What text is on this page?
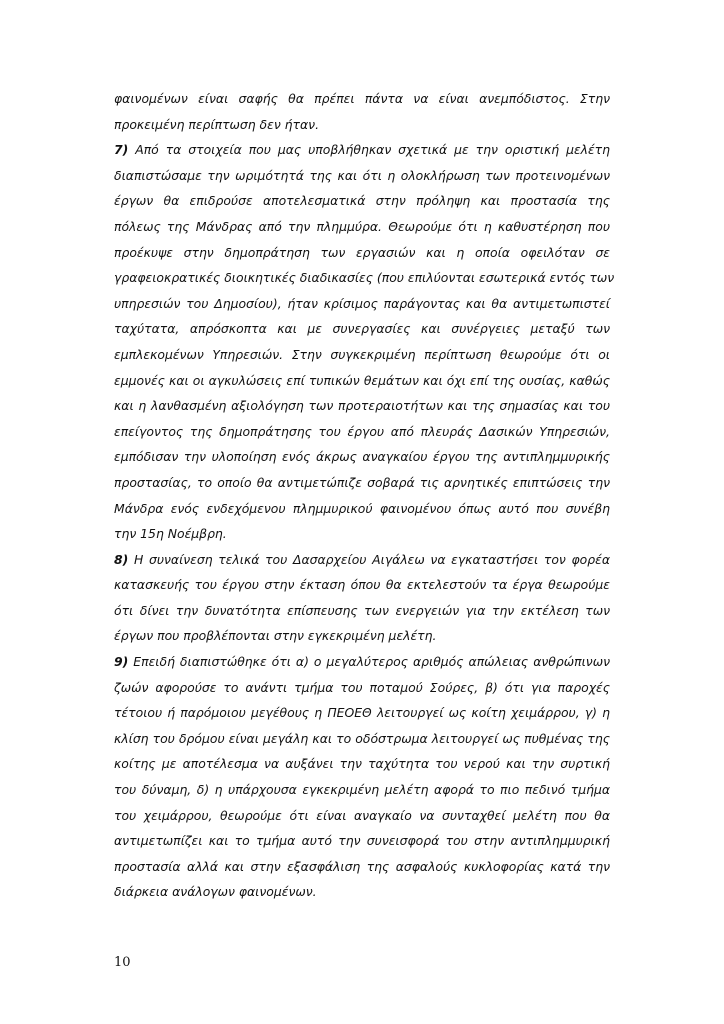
φαινομένων είναι σαφής θα πρέπει πάντα να είναι ανεμπόδιστος. Στην
προκειμένη περίπτωση δεν ήταν.
7) Από τα στοιχεία που μας υποβλήθηκαν σχετικά με την οριστική μελέτη
διαπιστώσαμε την ωριμότητά της και ότι η ολοκλήρωση των προτεινομένων
έργων θα επιδρούσε αποτελεσματικά στην πρόληψη και προστασία της
πόλεως της Μάνδρας από την πλημμύρα. Θεωρούμε ότι η καθυστέρηση που
προέκυψε στην δημοπράτηση των εργασιών και η οποία οφειλόταν σε
γραφειοκρατικές διοικητικές διαδικασίες (που επιλύονται εσωτερικά εντός των
υπηρεσιών του Δημοσίου), ήταν κρίσιμος παράγοντας και θα αντιμετωπιστεί
ταχύτατα, απρόσκοπτα και με συνεργασίες και συνέργειες μεταξύ των
εμπλεκομένων Υπηρεσιών. Στην συγκεκριμένη περίπτωση θεωρούμε ότι οι
εμμονές και οι αγκυλώσεις επί τυπικών θεμάτων και όχι επί της ουσίας, καθώς
και η λανθασμένη αξιολόγηση των προτεραιοτήτων και της σημασίας και του
επείγοντος της δημοπράτησης του έργου από πλευράς Δασικών Υπηρεσιών,
εμπόδισαν την υλοποίηση ενός άκρως αναγκαίου έργου της αντιπλημμυρικής
προστασίας, το οποίο θα αντιμετώπιζε σοβαρά τις αρνητικές επιπτώσεις την
Μάνδρα ενός ενδεχόμενου πλημμυρικού φαινομένου όπως αυτό που συνέβη
την 15η Νοέμβρη.
8) Η συναίνεση τελικά του Δασαρχείου Αιγάλεω να εγκαταστήσει τον φορέα
κατασκευής του έργου στην έκταση όπου θα εκτελεστούν τα έργα θεωρούμε
ότι δίνει την δυνατότητα επίσπευσης των ενεργειών για την εκτέλεση των
έργων που προβλέπονται στην εγκεκριμένη μελέτη.
9) Επειδή διαπιστώθηκε ότι α) ο μεγαλύτερος αριθμός απώλειας ανθρώπινων
ζωών αφορούσε το ανάντι τμήμα του ποταμού Σούρες, β) ότι για παροχές
τέτοιου ή παρόμοιου μεγέθους η ΠΕΟΕΘ λειτουργεί ως κοίτη χειμάρρου, γ) η
κλίση του δρόμου είναι μεγάλη και το οδόστρωμα λειτουργεί ως πυθμένας της
κοίτης με αποτέλεσμα να αυξάνει την ταχύτητα του νερού και την συρτική
του δύναμη, δ) η υπάρχουσα εγκεκριμένη μελέτη αφορά το πιο πεδινό τμήμα
του χειμάρρου, θεωρούμε ότι είναι αναγκαίο να συνταχθεί μελέτη που θα
αντιμετωπίζει και το τμήμα αυτό την συνεισφορά του στην αντιπλημμυρική
προστασία αλλά και στην εξασφάλιση της ασφαλούς κυκλοφορίας κατά την
διάρκεια ανάλογων φαινομένων.
10
